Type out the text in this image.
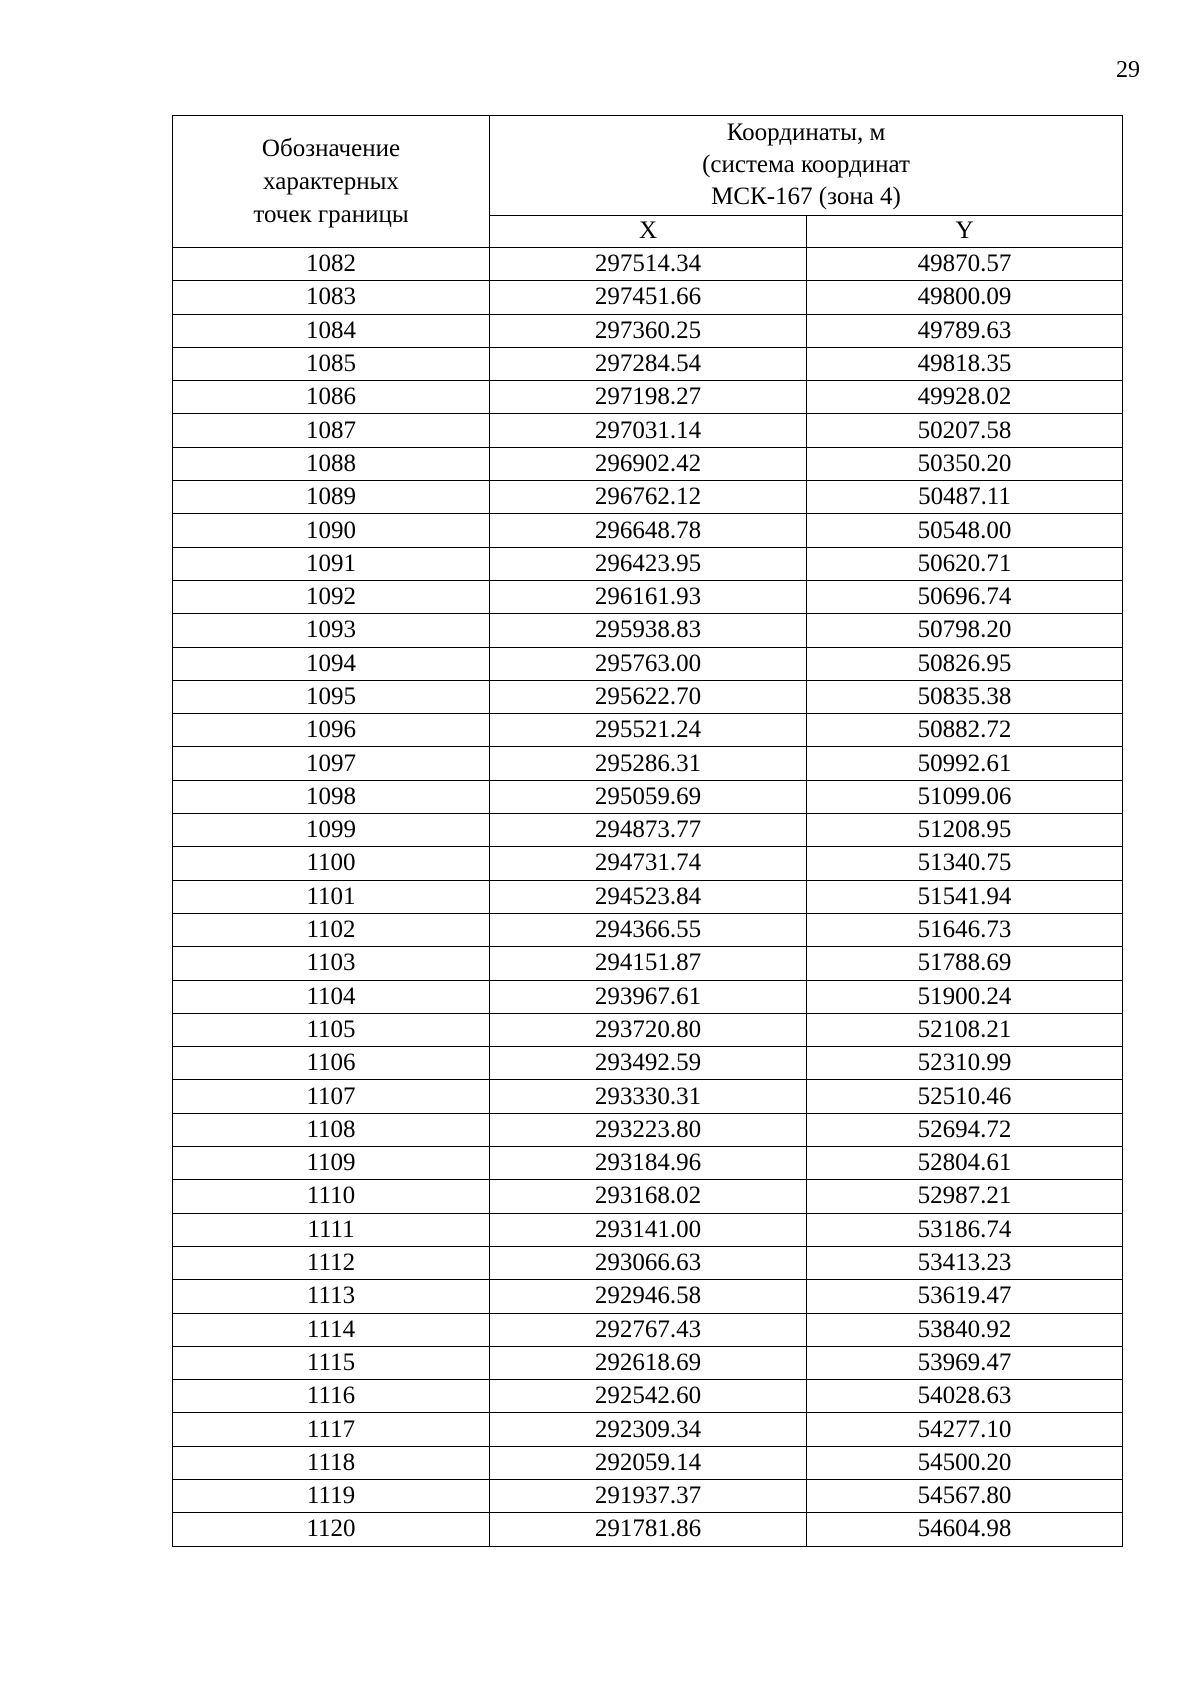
29
Обозначение
характерных
точек границы	Координаты, м
(система координат
МСК-167 (зона 4)	
	X	Y
1082	297514.34	49870.57
1083	297451.66	49800.09
1084	297360.25	49789.63
1085	297284.54	49818.35
1086	297198.27	49928.02
1087	297031.14	50207.58
1088	296902.42	50350.20
1089	296762.12	50487.11
1090	296648.78	50548.00
1091	296423.95	50620.71
1092	296161.93	50696.74
1093	295938.83	50798.20
1094	295763.00	50826.95
1095	295622.70	50835.38
1096	295521.24	50882.72
1097	295286.31	50992.61
1098	295059.69	51099.06
1099	294873.77	51208.95
1100	294731.74	51340.75
1101	294523.84	51541.94
1102	294366.55	51646.73
1103	294151.87	51788.69
1104	293967.61	51900.24
1105	293720.80	52108.21
1106	293492.59	52310.99
1107	293330.31	52510.46
1108	293223.80	52694.72
1109	293184.96	52804.61
1110	293168.02	52987.21
1111	293141.00	53186.74
1112	293066.63	53413.23
1113	292946.58	53619.47
1114	292767.43	53840.92
1115	292618.69	53969.47
1116	292542.60	54028.63
1117	292309.34	54277.10
1118	292059.14	54500.20
1119	291937.37	54567.80
1120	291781.86	54604.98
